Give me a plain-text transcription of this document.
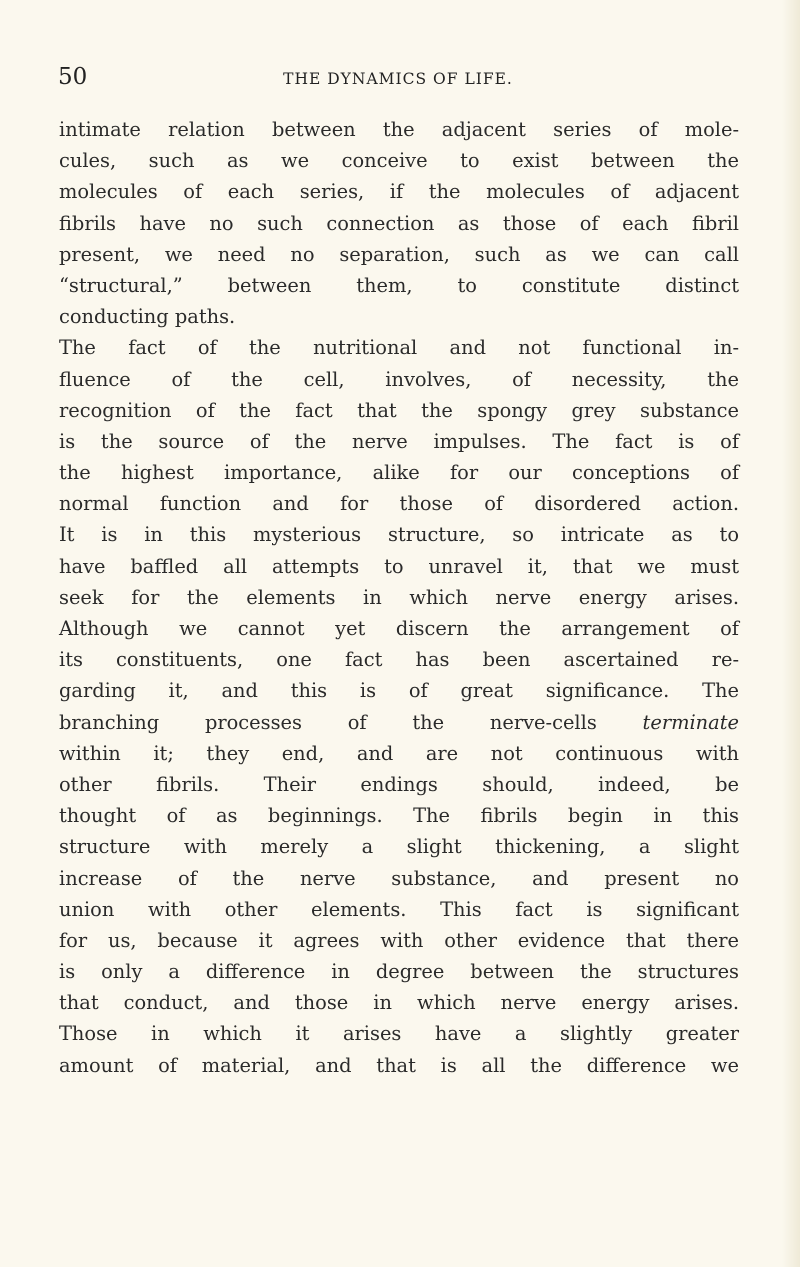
50	THE DYNAMICS OF LIFE.
intimate relation between the adjacent series of mole-
cules, such as we conceive to exist between the
molecules of each series, if the molecules of adjacent
fibrils have no such connection as those of each fibril
present, we need no separation, such as we can call
“structural,” between them, to constitute distinct
conducting paths.
The fact of the nutritional and not functional in-
fluence of the cell, involves, of necessity, the
recognition of the fact that the spongy grey substance
is the source of the nerve impulses. The fact is of
the highest importance, alike for our conceptions of
normal function and for those of disordered action.
It is in this mysterious structure, so intricate as to
have baffled all attempts to unravel it, that we must
seek for the elements in which nerve energy arises.
Although we cannot yet discern the arrangement of
its constituents, one fact has been ascertained re-
garding it, and this is of great significance. The
branching processes of the nerve-cells terminate
within it; they end, and are not continuous with
other fibrils. Their endings should, indeed, be
thought of as beginnings. The fibrils begin in this
structure with merely a slight thickening, a slight
increase of the nerve substance, and present no
union with other elements. This fact is significant
for us, because it agrees with other evidence that there
is only a difference in degree between the structures
that conduct, and those in which nerve energy arises.
Those in which it arises have a slightly greater
amount of material, and that is all the difference we
